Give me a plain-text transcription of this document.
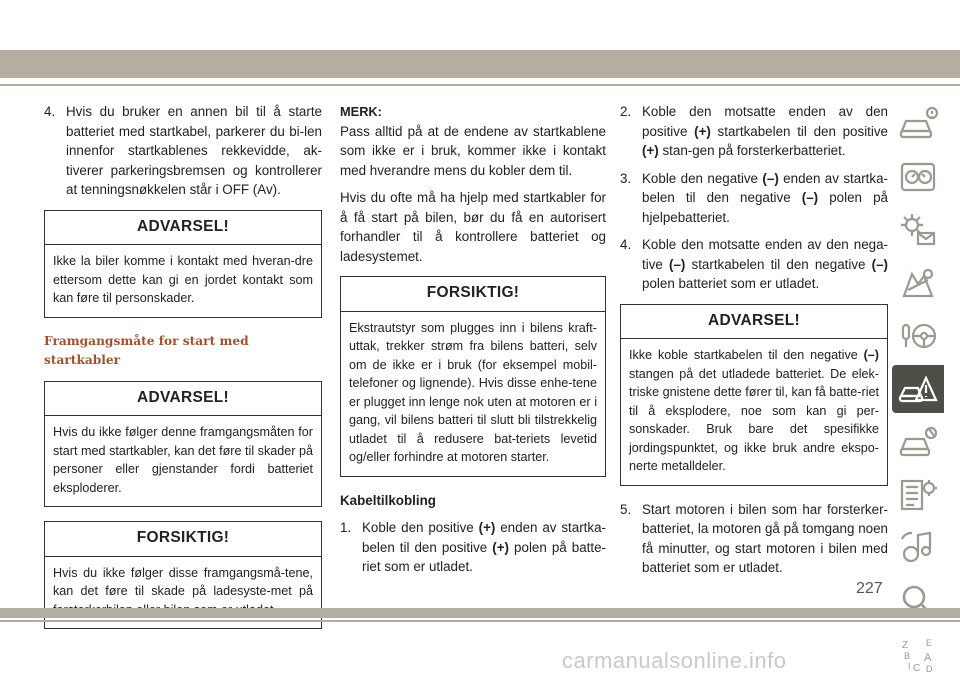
4. Hvis du bruker en annen bil til å starte batteriet med startkabel, parkerer du bi-len innenfor startkablenes rekkevidde, ak-tiverer parkeringsbremsen og kontrollerer at tenningsnøkkelen står i OFF (Av).
ADVARSEL!
Ikke la biler komme i kontakt med hveran-dre ettersom dette kan gi en jordet kontakt som kan føre til personskader.
Framgangsmåte for start med startkabler
ADVARSEL!
Hvis du ikke følger denne framgangsmåten for start med startkabler, kan det føre til skader på personer eller gjenstander fordi batteriet eksploderer.
FORSIKTIG!
Hvis du ikke følger disse framgangsmå-tene, kan det føre til skade på ladesyste-met på
MERK:

Pass alltid på at de endene av startkablene som ikke er i bruk, kommer ikke i kontakt med hverandre mens du kobler dem til.

Hvis du ofte må ha hjelp med startkabler for å få start på bilen, bør du få en autorisert forhandler til å kontrollere batteriet og ladesystemet.

FORSIKTIG!
Ekstrautstyr som plugges inn i bilens kraft-uttak, trekker strøm fra bilens batteri, selv om de ikke er i bruk (for eksempel mobil-telefoner og lignende). Hvis disse enhe-tene er plugget inn lenge nok uten at motoren er i gang, vil bilens batteri til slutt bli tilstrekkelig utladet til å redusere bat-teriets levetid og/eller forhindre at motoren starter.
Kabeltilkobling
1. Koble den positive (+) enden av startka-belen til den positive (+) polen på batte-riet som er utladet.
2. Koble den motsatte enden av den positive (+) startkabelen til den positive (+) stan-gen på forsterkerbatteriet.
3. Koble den negative (–) enden av startka-belen til den negative (–) polen på hjelpebatteriet.
4. Koble den motsatte enden av den nega-tive (–) startkabelen til den negative (–) polen batteriet som er utladet.
ADVARSEL!
Ikke koble startkabelen til den negative (–) stangen på det utladede batteriet. De elek-triske gnistene dette fører til, kan få batte-riet til å eksplodere, noe som kan gi per-sonskader. Bruk bare det spesifikke jordingspunktet, og ikke bruk andre ekspo-nerte metalldeler.
5. Start motoren i bilen som har forsterker-batteriet, la motoren gå på tomgang noen få minutter, og start motoren i bilen med batteriet som er utladet.
Z E
B A
I C D
227
carmanualsonline.info
